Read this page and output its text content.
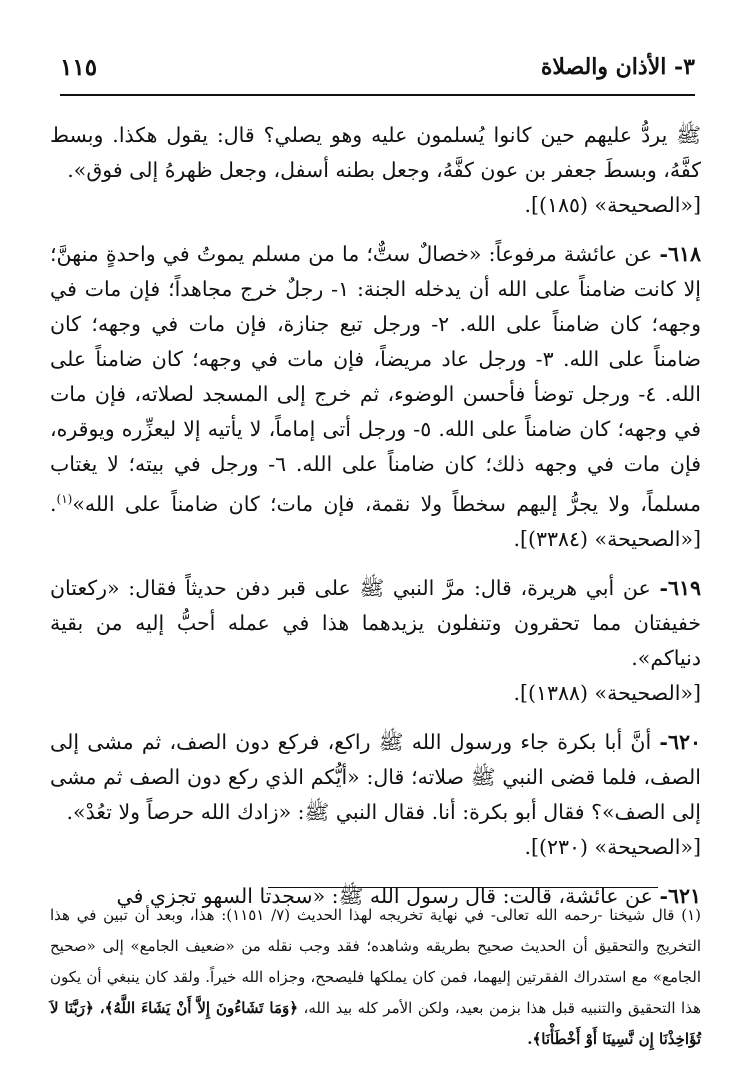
٣- الأذان والصلاة
١١٥

ﷺ يردُّ عليهم حين كانوا يُسلمون عليه وهو يصلي؟ قال: يقول هكذا. وبسط كفَّهُ، وبسطَ جعفر بن عون كفَّهُ، وجعل بطنه أسفل، وجعل ظهرهُ إلى فوق».
[«الصحيحة» (١٨٥)].

٦١٨- عن عائشة مرفوعاً: «خصالٌ ستٌّ؛ ما من مسلم يموتُ في واحدةٍ منهنَّ؛ إلا كانت ضامناً على الله أن يدخله الجنة: ١- رجلٌ خرج مجاهداً؛ فإن مات في وجهه؛ كان ضامناً على الله. ٢- ورجل تبع جنازة، فإن مات في وجهه؛ كان ضامناً على الله. ٣- ورجل عاد مريضاً، فإن مات في وجهه؛ كان ضامناً على الله. ٤- ورجل توضأ فأحسن الوضوء، ثم خرج إلى المسجد لصلاته، فإن مات في وجهه؛ كان ضامناً على الله. ٥- ورجل أتى إماماً، لا يأتيه إلا ليعزِّره ويوقره، فإن مات في وجهه ذلك؛ كان ضامناً على الله. ٦- ورجل في بيته؛ لا يغتاب مسلماً، ولا يجرُّ إليهم سخطاً ولا نقمة، فإن مات؛ كان ضامناً على الله»$^{(١)}$. [«الصحيحة» (٣٣٨٤)].

٦١٩- عن أبي هريرة، قال: مرَّ النبي ﷺ على قبر دفن حديثاً فقال: «ركعتان خفيفتان مما تحقرون وتنفلون يزيدهما هذا في عمله أحبُّ إليه من بقية دنياكم».
[«الصحيحة» (١٣٨٨)].

٦٢٠- أنَّ أبا بكرة جاء ورسول الله ﷺ راكع، فركع دون الصف، ثم مشى إلى الصف، فلما قضى النبي ﷺ صلاته؛ قال: «أيُّكم الذي ركع دون الصف ثم مشى إلى الصف»؟ فقال أبو بكرة: أنا. فقال النبي ﷺ: «زادك الله حرصاً ولا تعُدْ».
[«الصحيحة» (٢٣٠)].

٦٢١- عن عائشة، قالت: قال رسول الله ﷺ: «سجدتا السهو تجزي في

(١) قال شيخنا -رحمه الله تعالى- في نهاية تخريجه لهذا الحديث (٧/ ١١٥١): هذا، وبعد أن تبين في هذا التخريج والتحقيق أن الحديث صحيح بطريقه وشاهده؛ فقد وجب نقله من «ضعيف الجامع» إلى «صحيح الجامع» مع استدراك الفقرتين إليهما، فمن كان يملكها فليصحح، وجزاه الله خيراً. ولقد كان ينبغي أن يكون هذا التحقيق والتنبيه قبل هذا بزمن بعيد، ولكن الأمر كله بيد الله، ﴿وَمَا تَشَاءُونَ إِلاَّ أَنْ يَشَاءَ اللَّهُ﴾، ﴿رَبَّنَا لاَ تُؤَاخِذْنَا إِن نَّسِينَا أَوْ أَخْطَأْنَا﴾.
